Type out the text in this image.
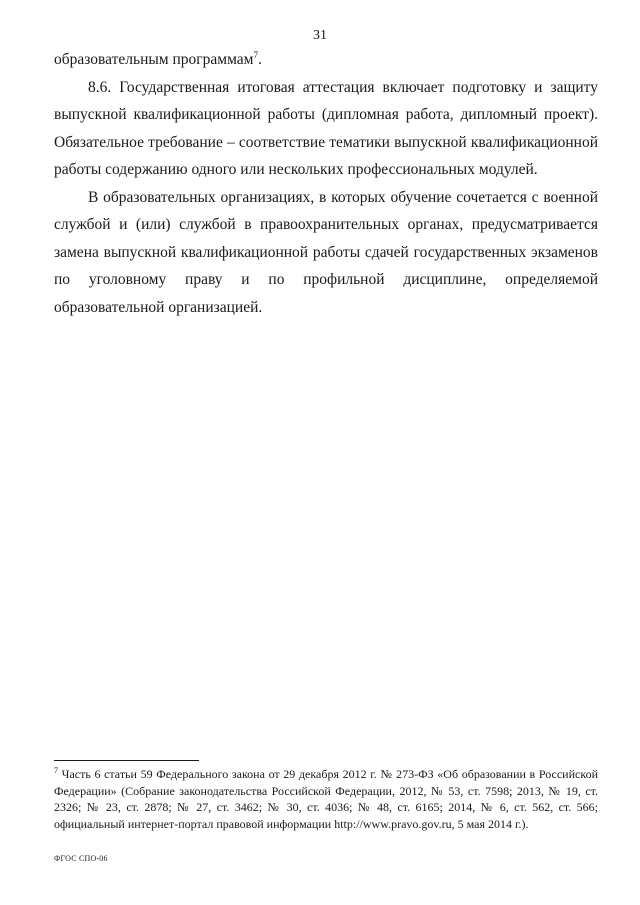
31

образовательным программам$^7$.

8.6. Государственная итоговая аттестация включает подготовку и защиту выпускной квалификационной работы (дипломная работа, дипломный проект). Обязательное требование – соответствие тематики выпускной квалификационной работы содержанию одного или нескольких профессиональных модулей.

В образовательных организациях, в которых обучение сочетается с военной службой и (или) службой в правоохранительных органах, предусматривается замена выпускной квалификационной работы сдачей государственных экзаменов по уголовному праву и по профильной дисциплине, определяемой образовательной организацией.

$^7$ Часть 6 статьи 59 Федерального закона от 29 декабря 2012 г. № 273-ФЗ «Об образовании в Российской Федерации» (Собрание законодательства Российской Федерации, 2012, № 53, ст. 7598; 2013, № 19, ст. 2326; № 23, ст. 2878; № 27, ст. 3462; № 30, ст. 4036; № 48, ст. 6165; 2014, № 6, ст. 562, ст. 566; официальный интернет-портал правовой информации http://www.pravo.gov.ru, 5 мая 2014 г.).
ФГОС СПО-06
